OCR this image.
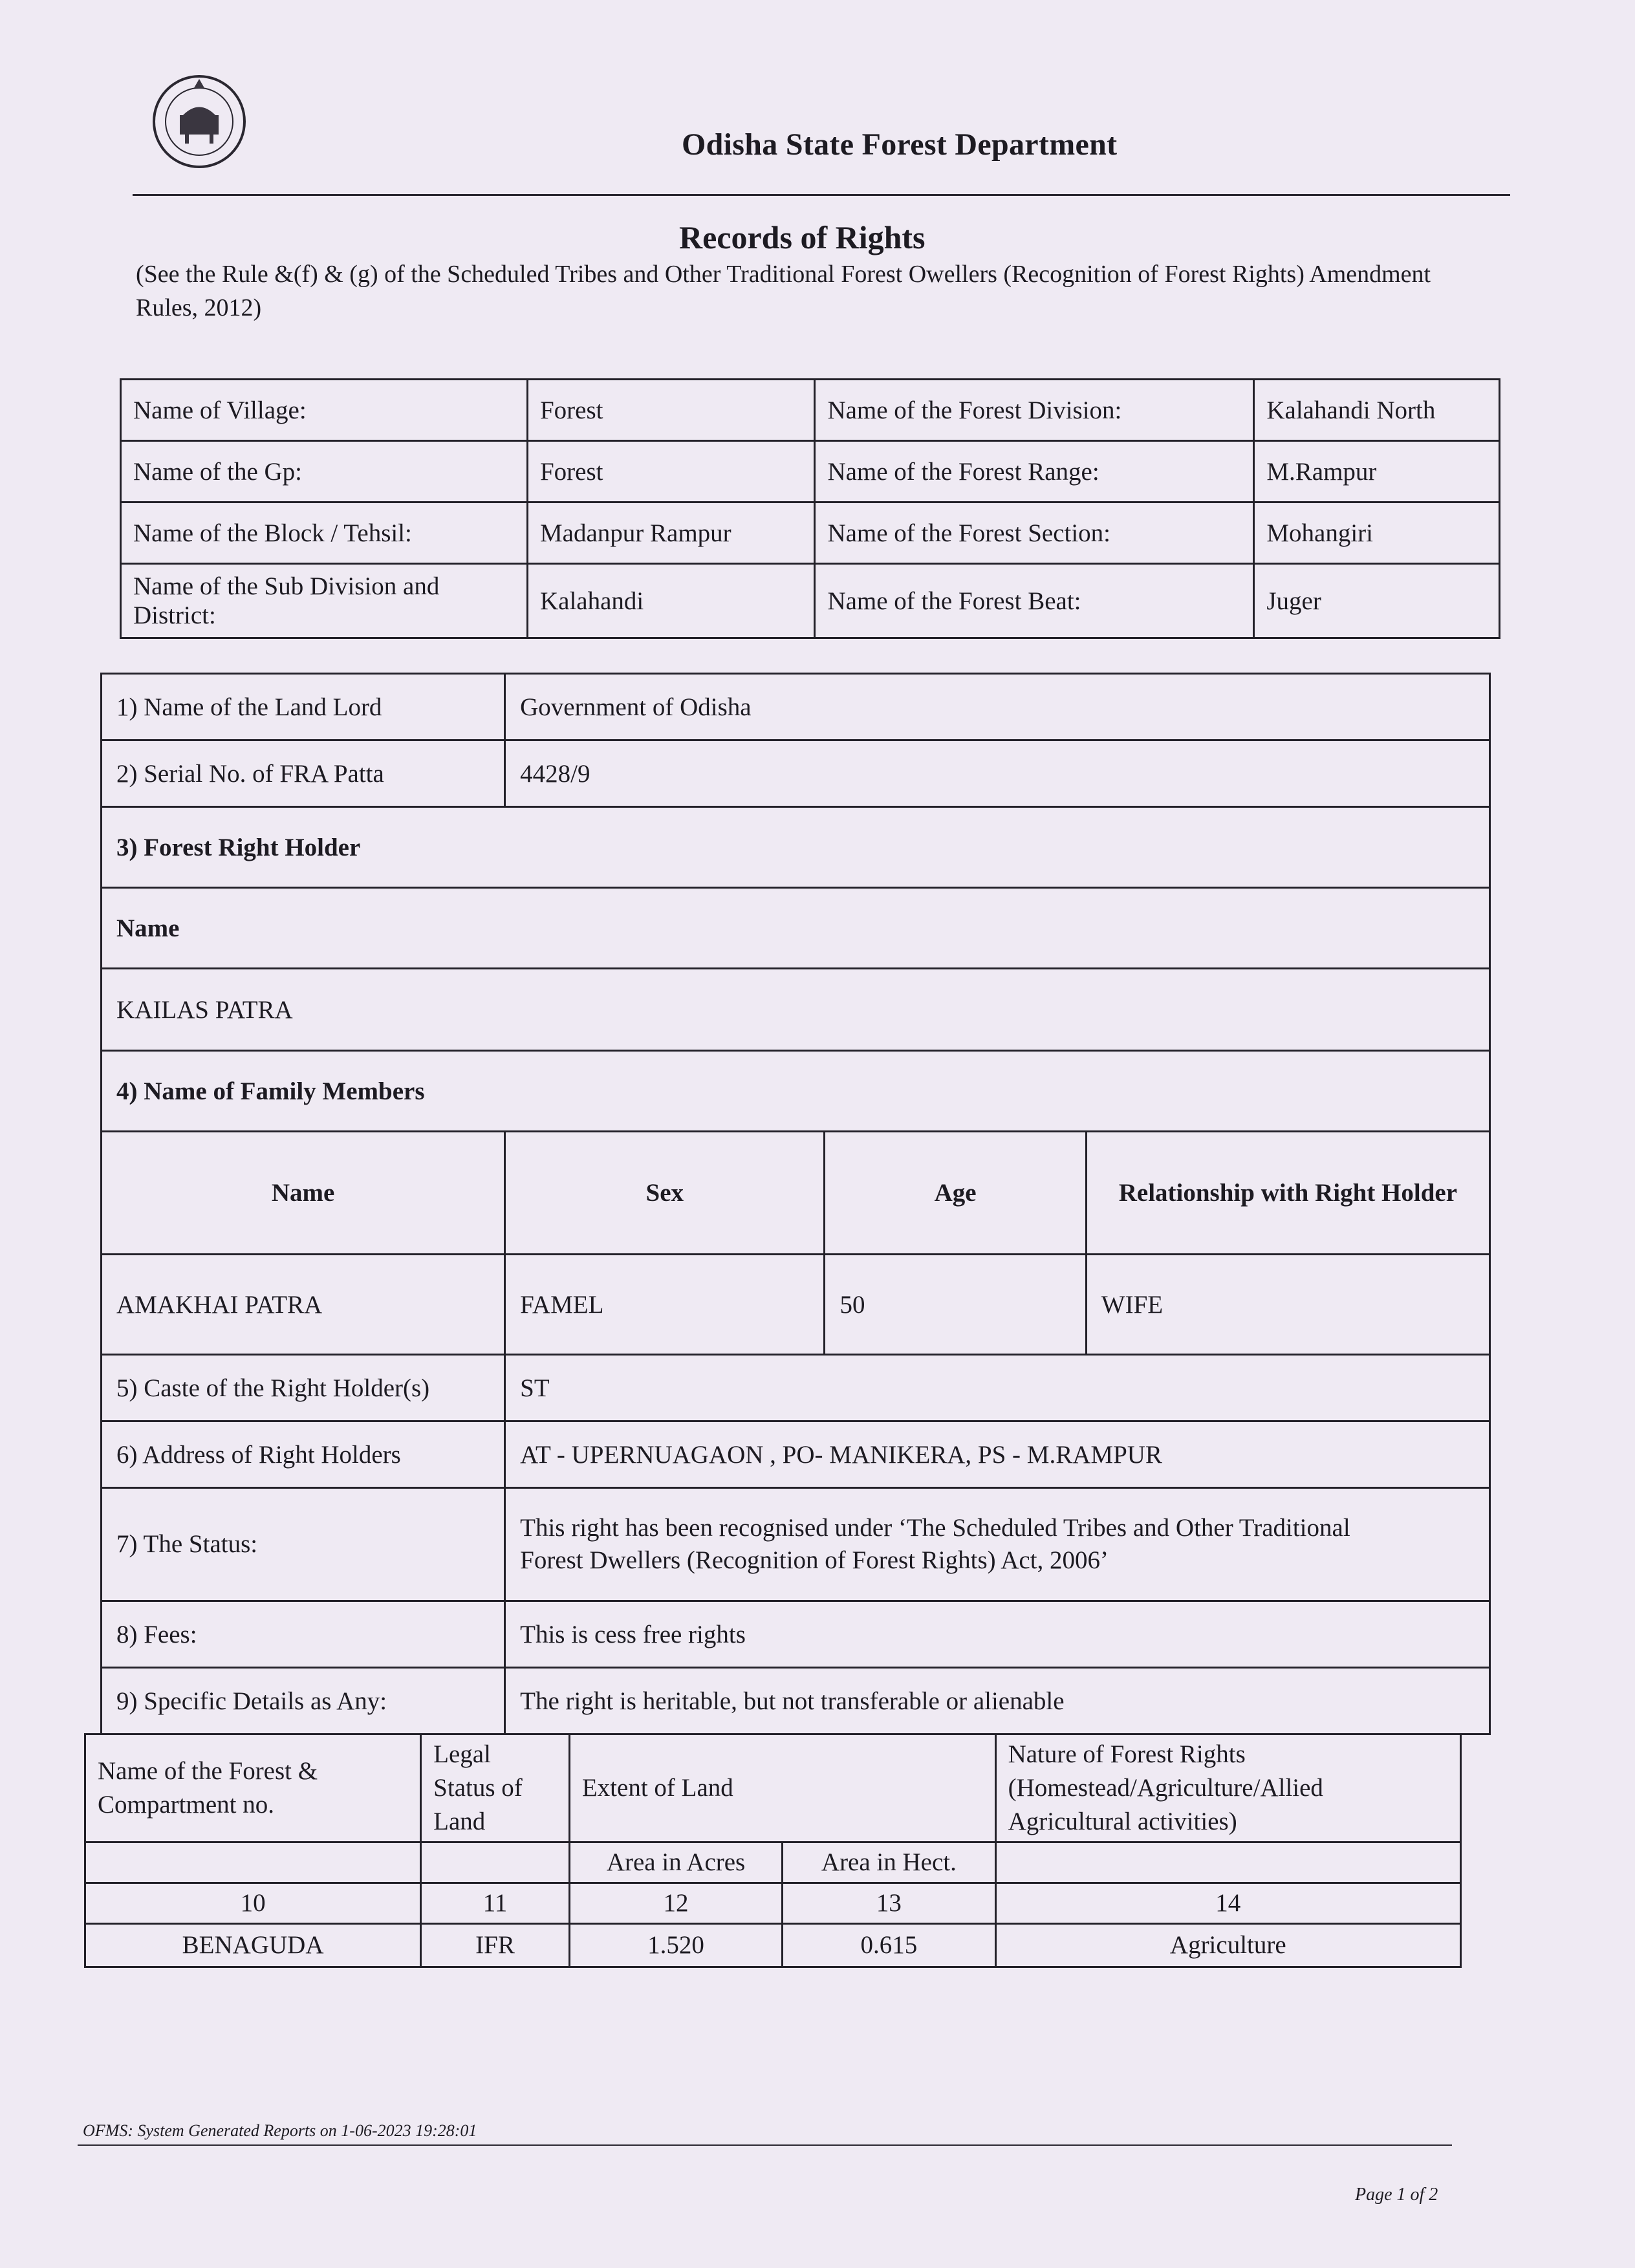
Odisha State Forest Department
Records of Rights
(See the Rule &(f) & (g) of the Scheduled Tribes and Other Traditional Forest Owellers (Recognition of Forest Rights) Amendment Rules, 2012)
Name of Village:	Forest	Name of the Forest Division:	Kalahandi North
Name of the Gp:	Forest	Name of the Forest Range:	M.Rampur
Name of the Block / Tehsil:	Madanpur Rampur	Name of the Forest Section:	Mohangiri
Name of the Sub Division and District:	Kalahandi	Name of the Forest Beat:	Juger
1) Name of the Land Lord	Government of Odisha		
2) Serial No. of FRA Patta	4428/9		
3) Forest Right Holder			
Name			
KAILAS PATRA			
4) Name of Family Members			
Name	Sex	Age	Relationship with Right Holder
AMAKHAI PATRA	FAMEL	50	WIFE
5) Caste of the Right Holder(s)	ST		
6) Address of Right Holders	AT - UPERNUAGAON , PO- MANIKERA, PS - M.RAMPUR		
7) The Status:	This right has been recognised under ‘The Scheduled Tribes and Other Traditional
Forest Dwellers (Recognition of Forest Rights) Act, 2006’		

8) Fees:	This is cess free rights		
9) Specific Details as Any:	The right is heritable, but not transferable or alienable		
Name of the Forest & Compartment no.	Legal Status of Land	Extent of Land		Nature of Forest Rights (Homestead/Agriculture/Allied Agricultural activities)

		Area in Acres	Area in Hect.	
10	11	12	13	14
BENAGUDA	IFR	1.520	0.615	Agriculture
OFMS: System Generated Reports on 1-06-2023 19:28:01
Page 1 of 2
